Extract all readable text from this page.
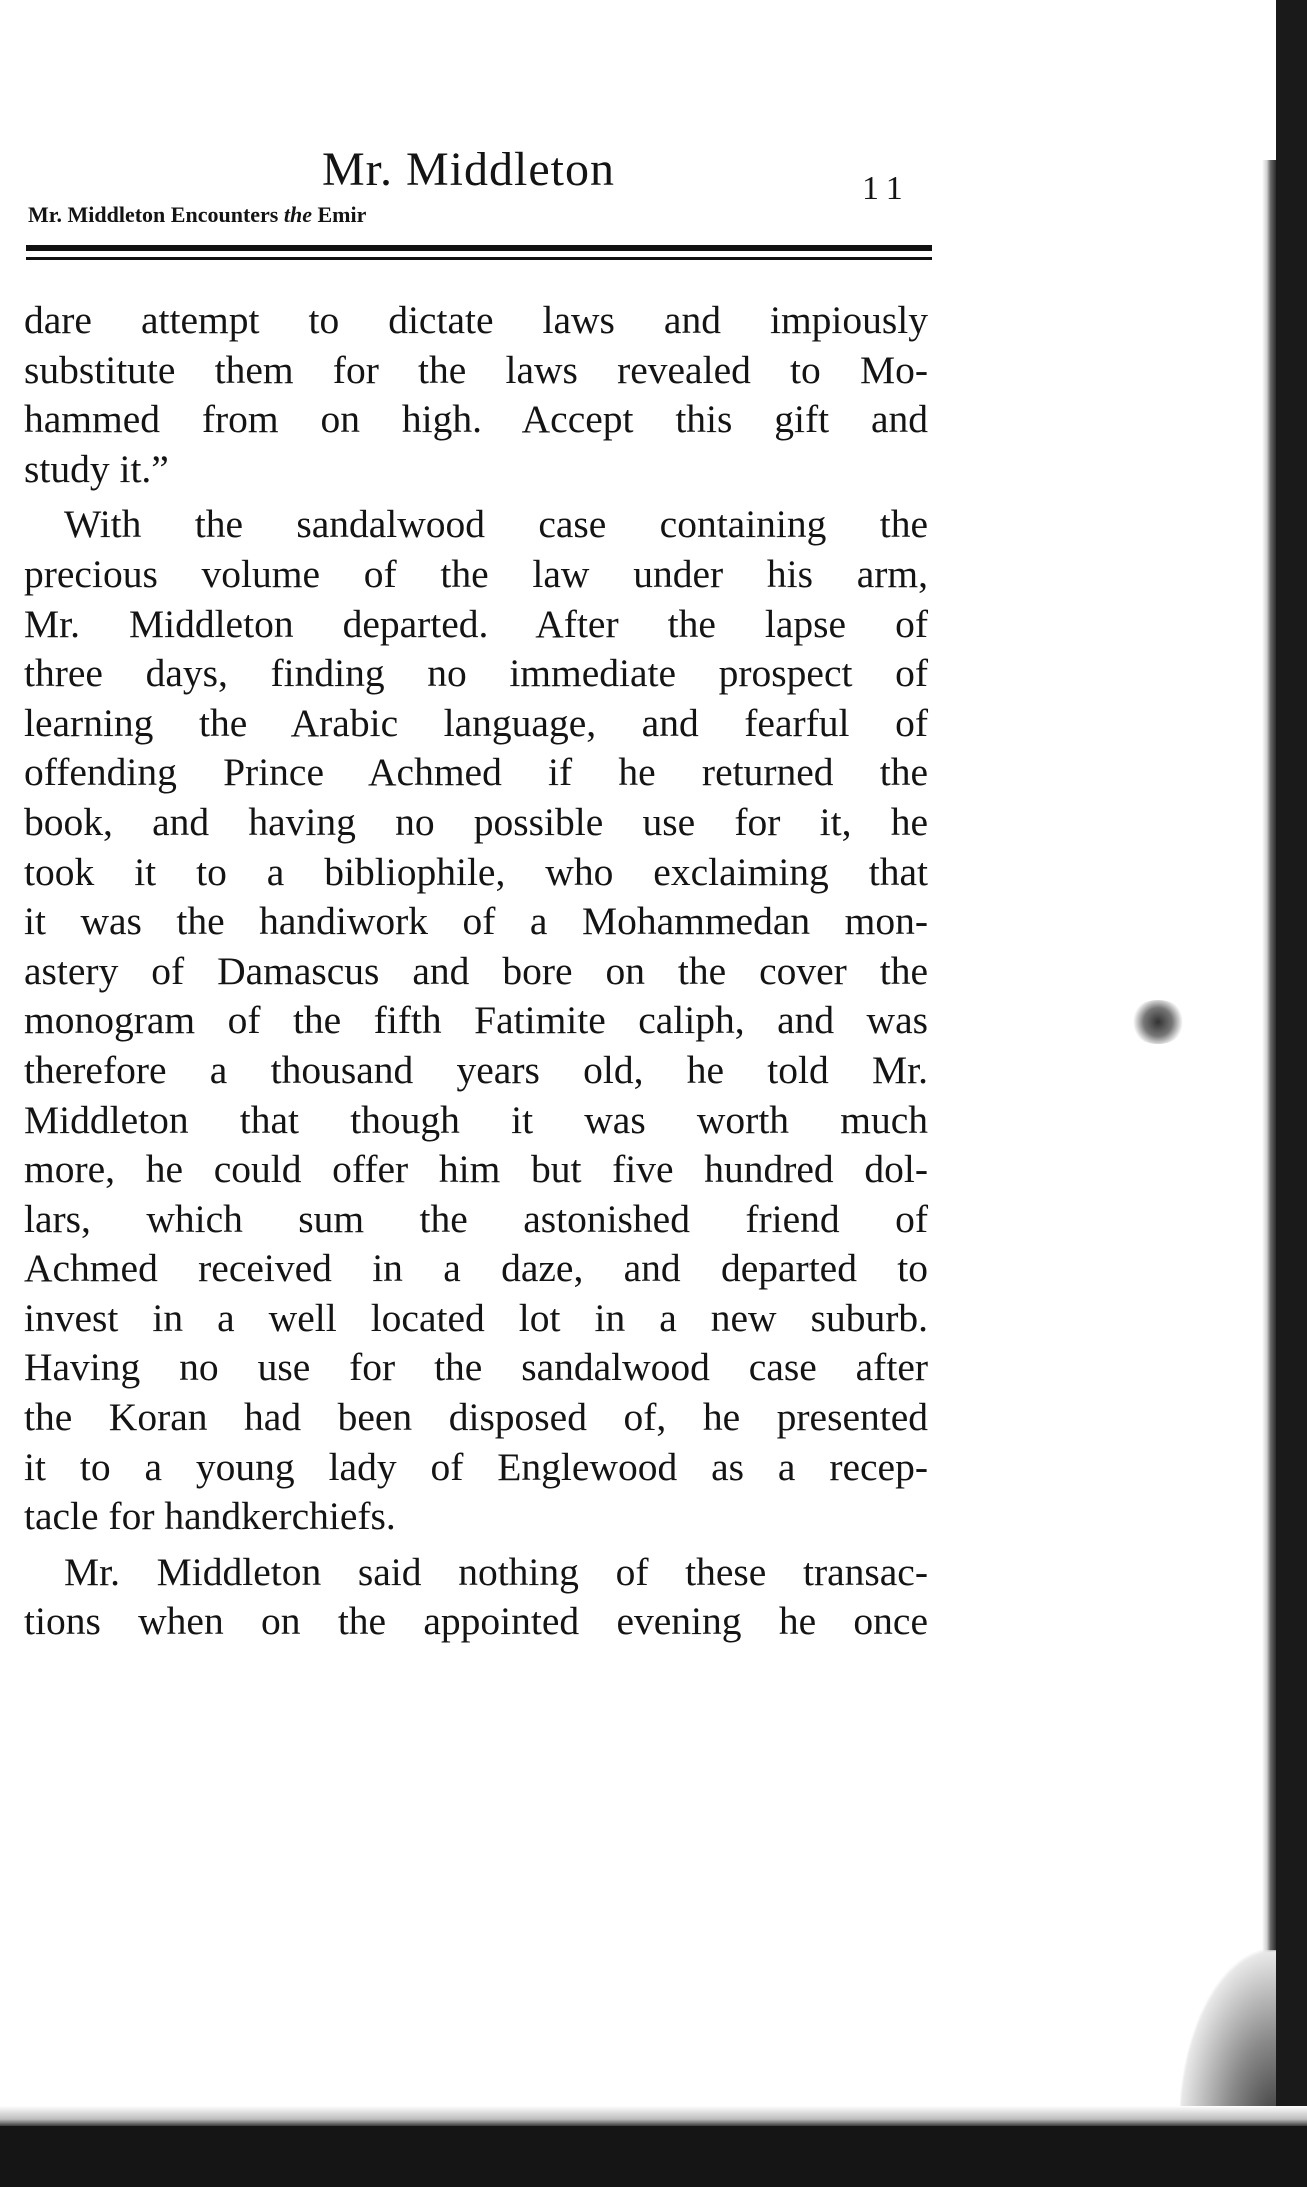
Mr. Middleton	11
Mr. Middleton Encounters the Emir
dare attempt to dictate laws and impiously
substitute them for the laws revealed to Mo-
hammed from on high. Accept this gift and
study it.”
With the sandalwood case containing the
precious volume of the law under his arm,
Mr. Middleton departed. After the lapse of
three days, finding no immediate prospect of
learning the Arabic language, and fearful of
offending Prince Achmed if he returned the
book, and having no possible use for it, he
took it to a bibliophile, who exclaiming that
it was the handiwork of a Mohammedan mon-
astery of Damascus and bore on the cover the
monogram of the fifth Fatimite caliph, and was
therefore a thousand years old, he told Mr.
Middleton that though it was worth much
more, he could offer him but five hundred dol-
lars, which sum the astonished friend of
Achmed received in a daze, and departed to
invest in a well located lot in a new suburb.
Having no use for the sandalwood case after
the Koran had been disposed of, he presented
it to a young lady of Englewood as a recep-
tacle for handkerchiefs.
Mr. Middleton said nothing of these transac-
tions when on the appointed evening he once
